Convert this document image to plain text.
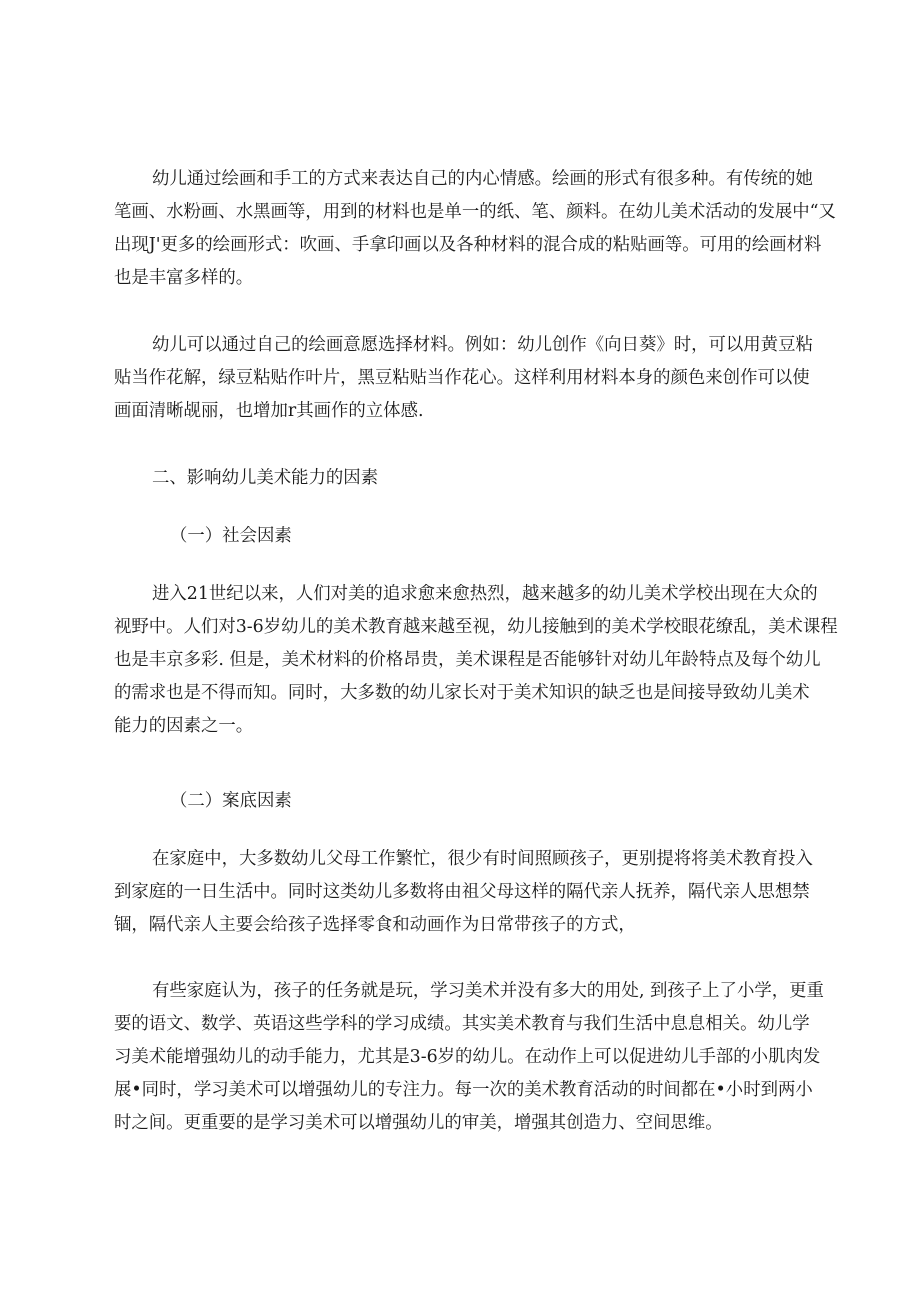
幼儿通过绘画和手工的方式来表达自己的内心情感。绘画的形式有很多种。有传统的她
笔画、水粉画、水黑画等，用到的材料也是单一的纸、笔、颜料。在幼儿美术活动的发展中“又
出现J'更多的绘画形式：吹画、手拿印画以及各种材料的混合成的粘贴画等。可用的绘画材料
也是丰富多样的。
幼儿可以通过自己的绘画意愿选择材料。例如：幼儿创作《向日葵》时，可以用黄豆粘
贴当作花解，绿豆粘贴作叶片，黑豆粘贴当作花心。这样利用材料本身的颜色来创作可以使
画面清晰觇丽，也增加r其画作的立体感.

二、影响幼儿美术能力的因素

（一）社会因素

进入21世纪以来，人们对美的追求愈来愈热烈，越来越多的幼儿美术学校出现在大众的
视野中。人们对3-6岁幼儿的美术教育越来越至视，幼儿接触到的美术学校眼花缭乱，美术课程
也是丰京多彩. 但是，美术材料的价格昂贵，美术课程是否能够针对幼儿年龄特点及每个幼儿
的需求也是不得而知。同时，大多数的幼儿家长对于美术知识的缺乏也是间接导致幼儿美术
能力的因素之一。

（二）案底因素

在家庭中，大多数幼儿父母工作繁忙，很少有时间照顾孩子，更别提将将美术教育投入
到家庭的一日生活中。同时这类幼儿多数将由祖父母这样的隔代亲人抚养，隔代亲人思想禁
锢，隔代亲人主要会给孩子选择零食和动画作为日常带孩子的方式，
有些家庭认为，孩子的任务就是玩，学习美术并没有多大的用处, 到孩子上了小学，更重
要的语文、数学、英语这些学科的学习成绩。其实美术教育与我们生活中息息相关。幼儿学
习美术能增强幼儿的动手能力，尤其是3-6岁的幼儿。在动作上可以促进幼儿手部的小肌肉发
展•同时，学习美术可以增强幼儿的专注力。每一次的美术教育活动的时间都在•小时到两小
时之间。更重要的是学习美术可以增强幼儿的审美，增强其创造力、空间思维。
